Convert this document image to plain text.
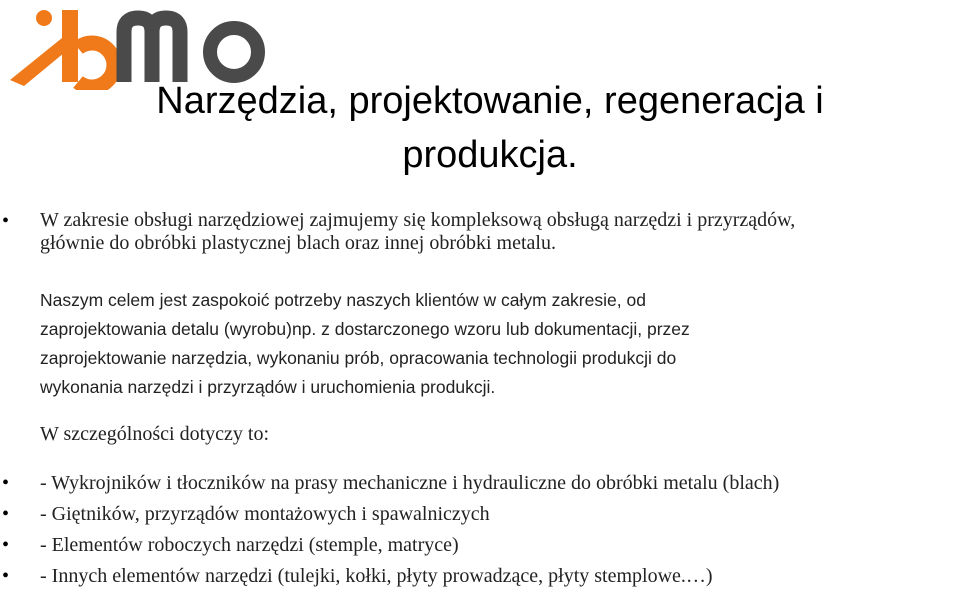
Narzędzia, projektowanie, regeneracja i
produkcja.
• W zakresie obsługi narzędziowej zajmujemy się kompleksową obsługą narzędzi i przyrządów,
głównie do obróbki plastycznej blach oraz innej obróbki metalu.
Naszym celem jest zaspokoić potrzeby naszych klientów w całym zakresie, od
zaprojektowania detalu (wyrobu)np. z dostarczonego wzoru lub dokumentacji, przez
zaprojektowanie narzędzia, wykonaniu prób, opracowania technologii produkcji do
wykonania narzędzi i przyrządów i uruchomienia produkcji.
W szczególności dotyczy to:
• - Wykrojników i tłoczników na prasy mechaniczne i hydrauliczne do obróbki metalu (blach)
• - Giętników, przyrządów montażowych i spawalniczych
• - Elementów roboczych narzędzi (stemple, matryce)
• - Innych elementów narzędzi (tulejki, kołki, płyty prowadzące, płyty stemplowe.…)
